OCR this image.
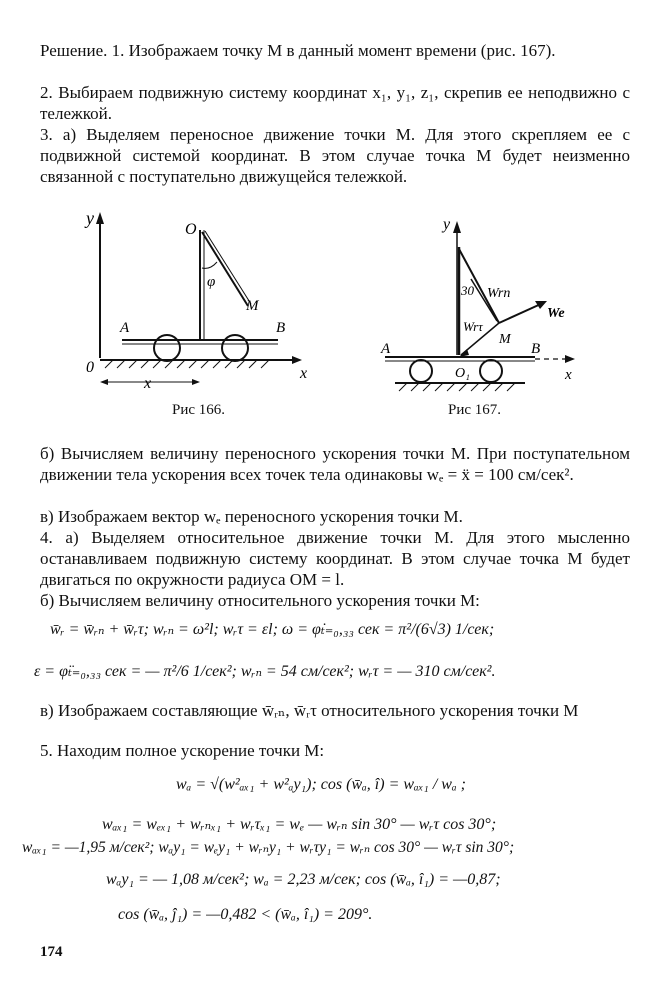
Решение. 1. Изображаем точку M в данный момент времени (рис. 167).
2. Выбираем подвижную систему координат x₁, y₁, z₁, скрепив ее неподвижно с тележкой.
3. а) Выделяем переносное движение точки M. Для этого скрепляем ее с подвижной системой координат. В этом случае точка M будет неизменно связанной с поступательно движущейся тележкой.
y
x
0
A	B
O
φ
M
x
Рис 166.
y
30 Wrn
Wrτ
We
M
x
A	B
O₁
Рис 167.
б) Вычисляем величину переносного ускорения точки M. При поступательном движении тела ускорения всех точек тела одинаковы wₑ = ẍ = 100 см/сек².
в) Изображаем вектор wₑ переносного ускорения точки M.
4. а) Выделяем относительное движение точки M. Для этого мысленно останавливаем подвижную систему координат. В этом случае точка M будет двигаться по окружности радиуса OM = l.
б) Вычисляем величину относительного ускорения точки M:
w̄ᵣ = w̄ᵣₙ + w̄ᵣτ; wᵣₙ = ω²l; wᵣτ = εl; ω = φ̇ₜ₌₀,₃₃ сек = π²/(6√3) 1/сек;
ε = φ̈ₜ₌₀,₃₃ сек = — π²/6 1/сек²; wᵣₙ = 54 см/сек²; wᵣτ = — 310 см/сек².
в) Изображаем составляющие w̄ᵣₙ, w̄ᵣτ относительного ускорения точки M
5. Находим полное ускорение точки M:
wₐ = √(w²ₐₓ₁ + w²ₐy₁); cos (w̄ₐ, î) = wₐₓ₁ / wₐ ;
wₐₓ₁ = wₑₓ₁ + wᵣₙₓ₁ + wᵣτₓ₁ = wₑ — wᵣₙ sin 30° — wᵣτ cos 30°;
wₐₓ₁ = —1,95 м/сек²; wₐy₁ = wₑy₁ + wᵣₙy₁ + wᵣτy₁ = wᵣₙ cos 30° — wᵣτ sin 30°;
wₐy₁ = — 1,08 м/сек²; wₐ = 2,23 м/сек; cos (w̄ₐ, î₁) = —0,87;
cos (w̄ₐ, ĵ₁) = —0,482 < (w̄ₐ, î₁) = 209°.
174
